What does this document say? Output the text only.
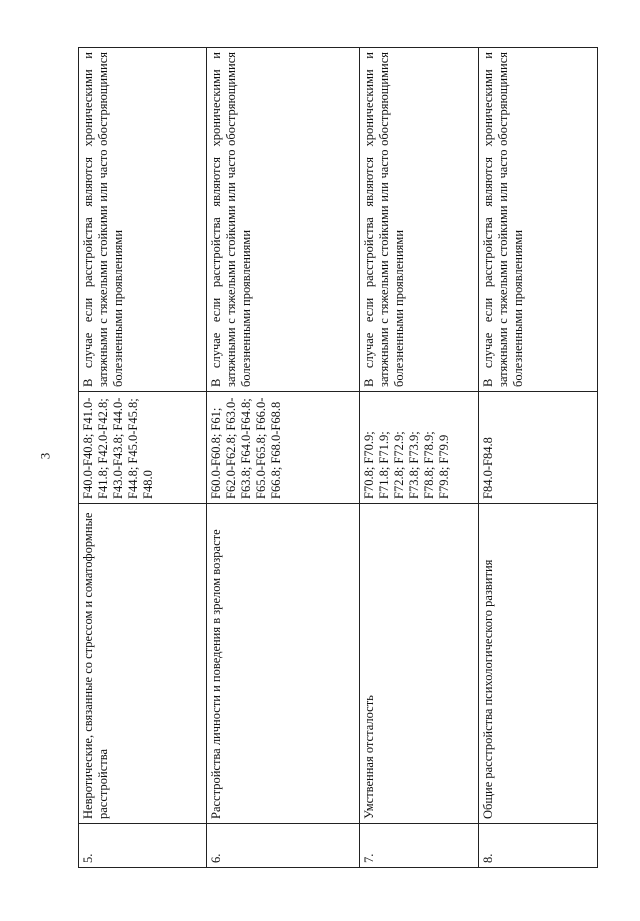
3
5.	Невротические, связанные со стрессом и соматоформные расстройства	F40.0-F40.8; F41.0-F41.8; F42.0-F42.8; F43.0-F43.8; F44.0-F44.8; F45.0-F45.8; F48.0	В случае если расстройства являются хроническими и затяжными с тяжелыми стойкими или часто обостряющимися болезненными проявлениями
6.	Расстройства личности и поведения в зрелом возрасте	F60.0-F60.8; F61; F62.0-F62.8; F63.0-F63.8; F64.0-F64.8; F65.0-F65.8; F66.0-F66.8; F68.0-F68.8	В случае если расстройства являются хроническими и затяжными с тяжелыми стойкими или часто обостряющимися болезненными проявлениями
7.	Умственная отсталость	F70.8; F70.9; F71.8; F71.9; F72.8; F72.9; F73.8; F73.9; F78.8; F78.9; F79.8; F79.9	В случае если расстройства являются хроническими и затяжными с тяжелыми стойкими или часто обостряющимися болезненными проявлениями
8.	Общие расстройства психологического развития	F84.0-F84.8	В случае если расстройства являются хроническими и затяжными с тяжелыми стойкими или часто обостряющимися болезненными проявлениями
